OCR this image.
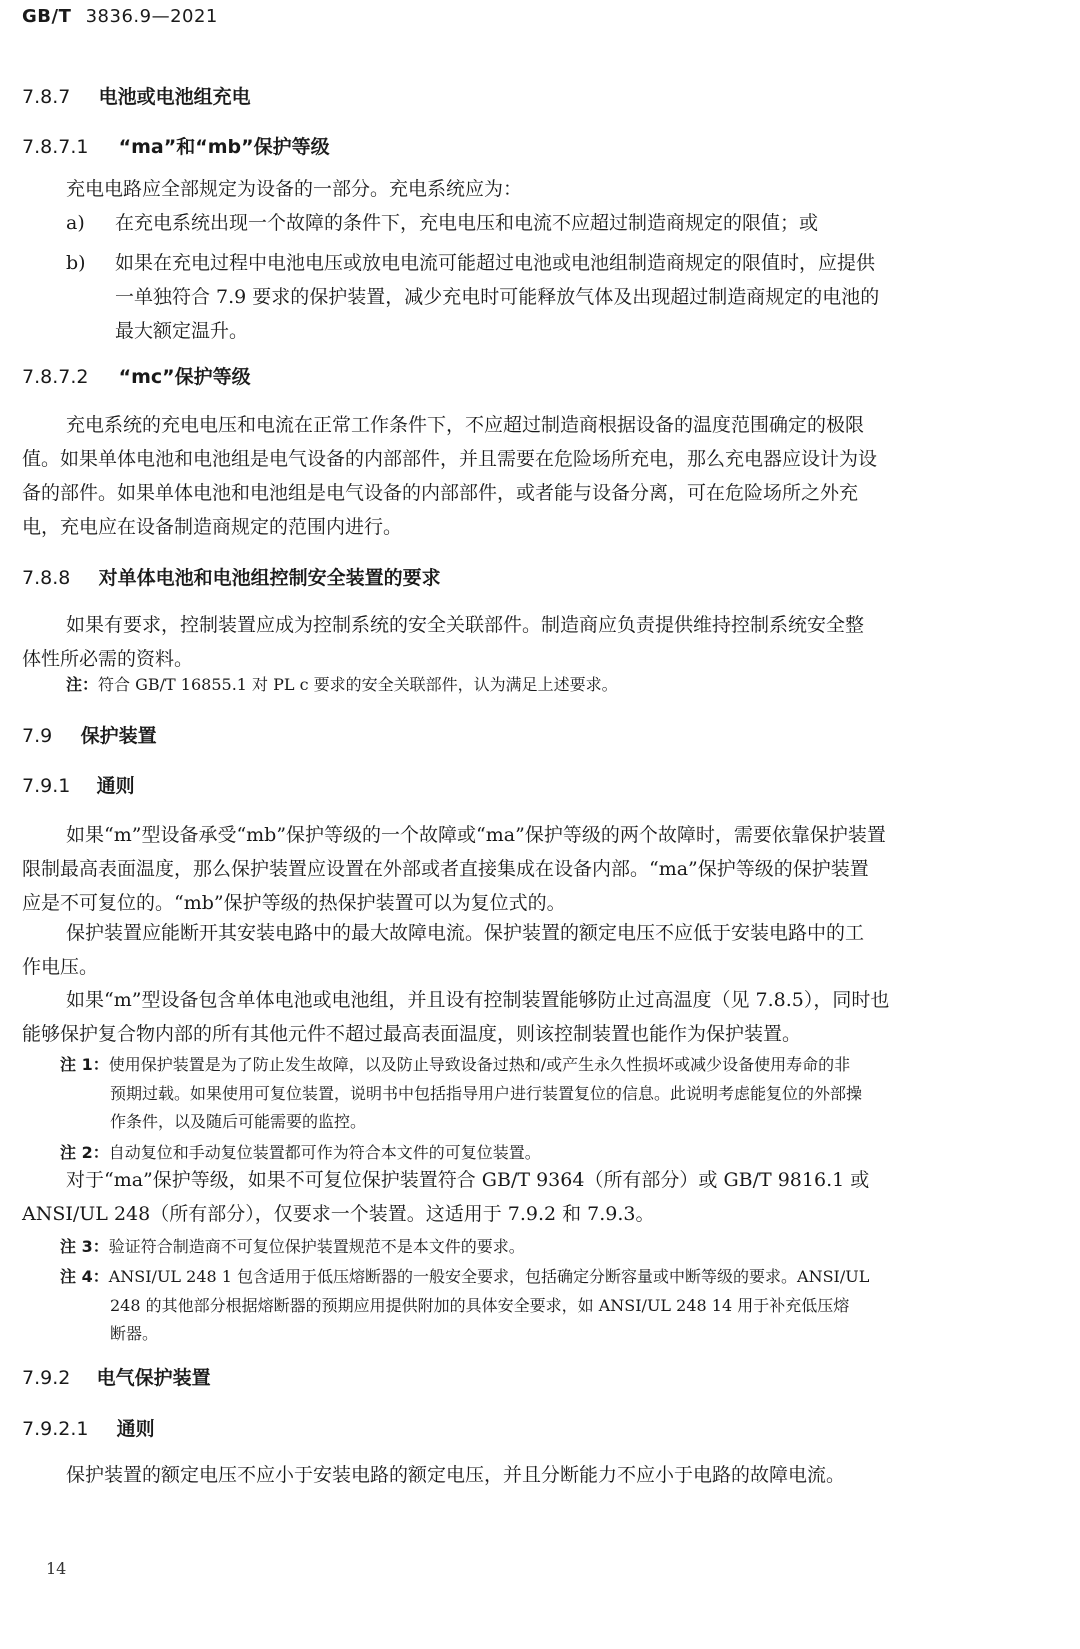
GB/T 3836.9—2021
7.8.7 电池或电池组充电
7.8.7.1 “ma”和“mb”保护等级
充电电路应全部规定为设备的一部分。充电系统应为：
a) 在充电系统出现一个故障的条件下，充电电压和电流不应超过制造商规定的限值；或
b) 如果在充电过程中电池电压或放电电流可能超过电池或电池组制造商规定的限值时，应提供
一单独符合 7.9 要求的保护装置，减少充电时可能释放气体及出现超过制造商规定的电池的
最大额定温升。
7.8.7.2 “mc”保护等级
充电系统的充电电压和电流在正常工作条件下，不应超过制造商根据设备的温度范围确定的极限
值。如果单体电池和电池组是电气设备的内部部件，并且需要在危险场所充电，那么充电器应设计为设
备的部件。如果单体电池和电池组是电气设备的内部部件，或者能与设备分离，可在危险场所之外充
电，充电应在设备制造商规定的范围内进行。
7.8.8 对单体电池和电池组控制安全装置的要求
如果有要求，控制装置应成为控制系统的安全关联部件。制造商应负责提供维持控制系统安全整
体性所必需的资料。
注：符合 GB/T 16855.1 对 PL c 要求的安全关联部件，认为满足上述要求。
7.9 保护装置
7.9.1 通则
如果“m”型设备承受“mb”保护等级的一个故障或“ma”保护等级的两个故障时，需要依靠保护装置
限制最高表面温度，那么保护装置应设置在外部或者直接集成在设备内部。“ma”保护等级的保护装置
应是不可复位的。“mb”保护等级的热保护装置可以为复位式的。
保护装置应能断开其安装电路中的最大故障电流。保护装置的额定电压不应低于安装电路中的工
作电压。
如果“m”型设备包含单体电池或电池组，并且设有控制装置能够防止过高温度（见 7.8.5），同时也
能够保护复合物内部的所有其他元件不超过最高表面温度，则该控制装置也能作为保护装置。
注 1：使用保护装置是为了防止发生故障，以及防止导致设备过热和/或产生永久性损坏或减少设备使用寿命的非
预期过载。如果使用可复位装置，说明书中包括指导用户进行装置复位的信息。此说明考虑能复位的外部操
作条件，以及随后可能需要的监控。
注 2：自动复位和手动复位装置都可作为符合本文件的可复位装置。
对于“ma”保护等级，如果不可复位保护装置符合 GB/T 9364（所有部分）或 GB/T 9816.1 或
ANSI/UL 248（所有部分），仅要求一个装置。这适用于 7.9.2 和 7.9.3。
注 3：验证符合制造商不可复位保护装置规范不是本文件的要求。
注 4：ANSI/UL 248 1 包含适用于低压熔断器的一般安全要求，包括确定分断容量或中断等级的要求。ANSI/UL
248 的其他部分根据熔断器的预期应用提供附加的具体安全要求，如 ANSI/UL 248 14 用于补充低压熔
断器。
7.9.2 电气保护装置
7.9.2.1 通则
保护装置的额定电压不应小于安装电路的额定电压，并且分断能力不应小于电路的故障电流。
14
